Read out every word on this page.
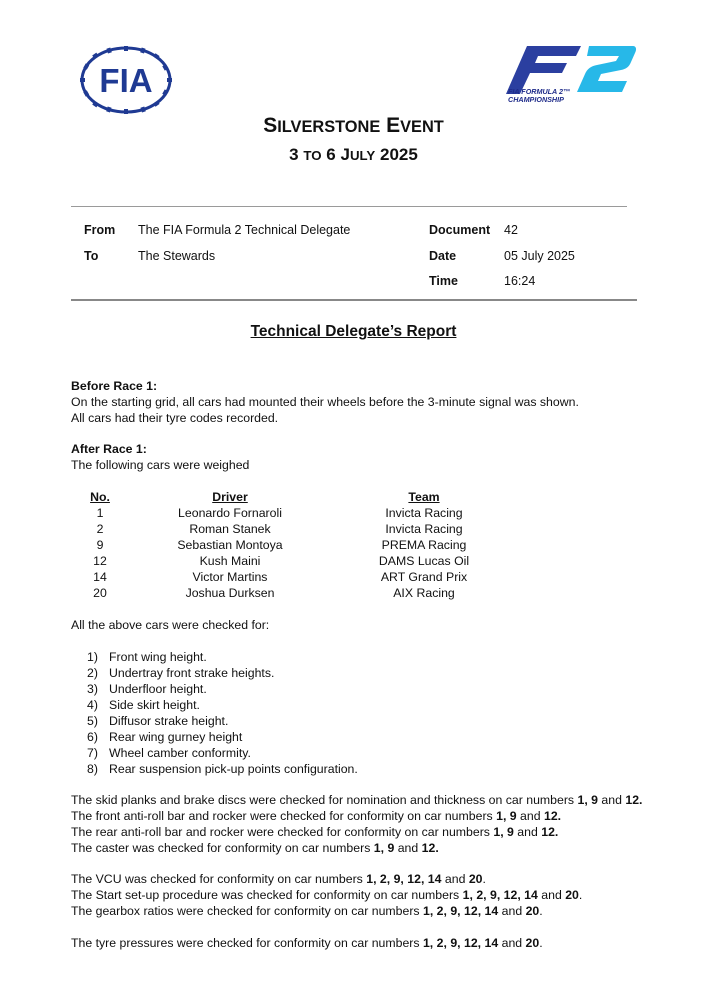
FIA	FIA FORMULA 2™
CHAMPIONSHIP
SILVERSTONE EVENT
3 TO 6 JULY 2025
From The FIA Formula 2 Technical Delegate
To	The Stewards
Document 42
Date	05 July 2025
Time	16:24
Technical Delegate’s Report
Before Race 1:
On the starting grid, all cars had mounted their wheels before the 3-minute signal was shown.
All cars had their tyre codes recorded.
After Race 1:
The following cars were weighed
No.	Driver	Team
1	Leonardo Fornaroli	Invicta Racing
2	Roman Stanek	Invicta Racing
9	Sebastian Montoya	PREMA Racing
12	Kush Maini	DAMS Lucas Oil
14	Victor Martins	ART Grand Prix
20	Joshua Durksen	AIX Racing
All the above cars were checked for:
1) Front wing height.
2) Undertray front strake heights.
3) Underfloor height.
4) Side skirt height.
5) Diffusor strake height.
6) Rear wing gurney height
7) Wheel camber conformity.
8) Rear suspension pick-up points configuration.
The skid planks and brake discs were checked for nomination and thickness on car numbers 1, 9 and 12.
The front anti-roll bar and rocker were checked for conformity on car numbers 1, 9 and 12.
The rear anti-roll bar and rocker were checked for conformity on car numbers 1, 9 and 12.
The caster was checked for conformity on car numbers 1, 9 and 12.
The VCU was checked for conformity on car numbers 1, 2, 9, 12, 14 and 20.
The Start set-up procedure was checked for conformity on car numbers 1, 2, 9, 12, 14 and 20.
The gearbox ratios were checked for conformity on car numbers 1, 2, 9, 12, 14 and 20.
The tyre pressures were checked for conformity on car numbers 1, 2, 9, 12, 14 and 20.
